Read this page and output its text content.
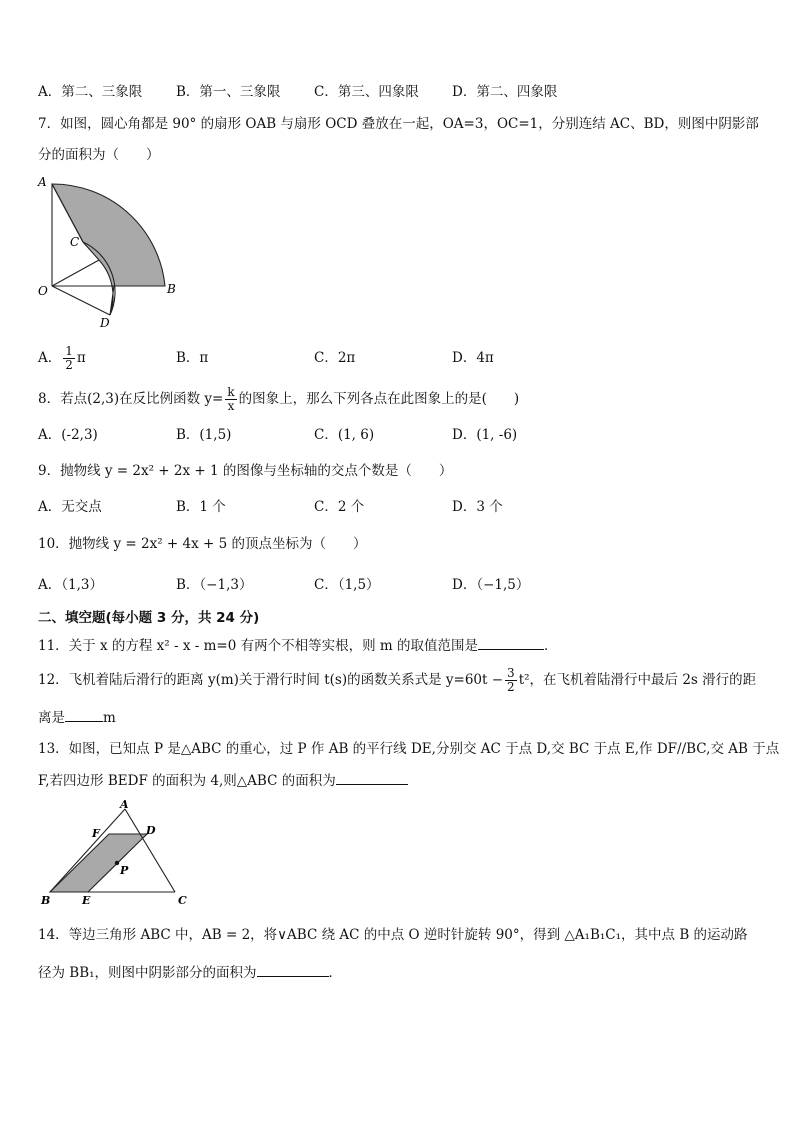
A．第二、三象限	B．第一、三象限 C．第三、四象限 D．第二、四象限
7．如图，圆心角都是 90° 的扇形 OAB 与扇形 OCD 叠放在一起，OA=3，OC=1，分别连结 AC、BD，则图中阴影部
分的面积为（　　）
A
C
O	B
D
A． $\frac{1}{2}$ π	B．π	C．2π	D．4π
8．若点(2,3)在反比例函数 $y= \frac{k}{x}$ 的图象上，那么下列各点在此图象上的是(　　)
A．(-2,3)	B．(1,5)	C．(1, 6)	D．(1, -6)
9．抛物线 y = 2x² + 2x + 1 的图像与坐标轴的交点个数是（　　）
A．无交点	B．1 个	C．2 个	D．3 个
10．抛物线 y = 2x² + 4x + 5 的顶点坐标为（　　）
A．（1,3）	B．（−1,3）	C．（1,5）	D．（−1,5）
二、填空题(每小题 3 分，共 24 分)
11．关于 x 的方程 x² - x - m=0 有两个不相等实根，则 m 的取值范围是	．
12．飞机着陆后滑行的距离 y(m)关于滑行时间 t(s)的函数关系式是 $y=60t - \frac{3}{2} t^2$，在飞机着陆滑行中最后 2s 滑行的距
离是	m
13．如图，已知点 P 是△ABC 的重心，过 P 作 AB 的平行线 DE,分别交 AC 于点 D,交 BC 于点 E,作 DF//BC,交 AB 于点
F,若四边形 BEDF 的面积为 4,则△ABC 的面积为
A
F	D
P
B	E	C
14．等边三角形 ABC 中，AB = 2，将∨ABC 绕 AC 的中点 O 逆时针旋转 90°，得到 △A₁B₁C₁，其中点 B 的运动路
径为 BB₁，则图中阴影部分的面积为	．
